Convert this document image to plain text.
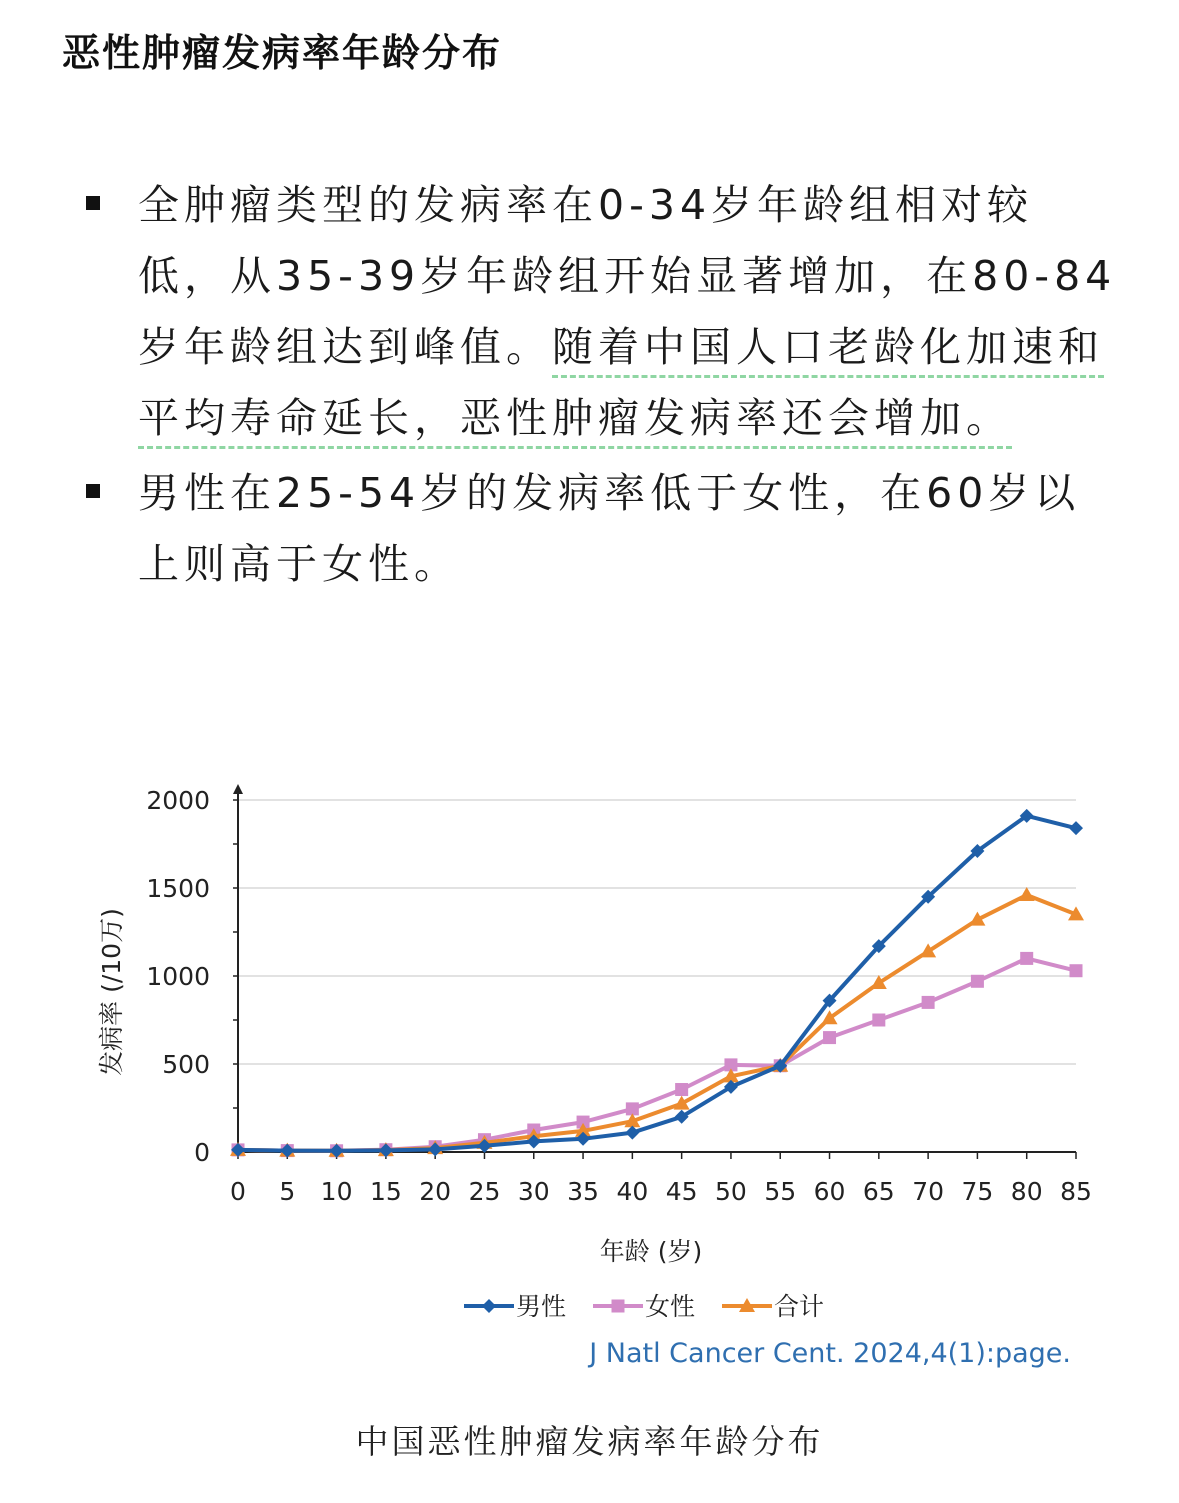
恶性肿瘤发病率年龄分布
全肿瘤类型的发病率在0-34岁年龄组相对较低，从35-39岁年龄组开始显著增加，在80-84岁年龄组达到峰值。随着中国人口老龄化加速和平均寿命延长，恶性肿瘤发病率还会增加。
男性在25-54岁的发病率低于女性，在60岁以上则高于女性。
0
500
1000
1500
2000
0 5 10 15 20 25 30 35 40 45 50 55 60 65 70 75 80 85
发病率 (/10万)
年龄 (岁)
男性	女性	合计
J Natl Cancer Cent. 2024,4(1):page.
中国恶性肿瘤发病率年龄分布
